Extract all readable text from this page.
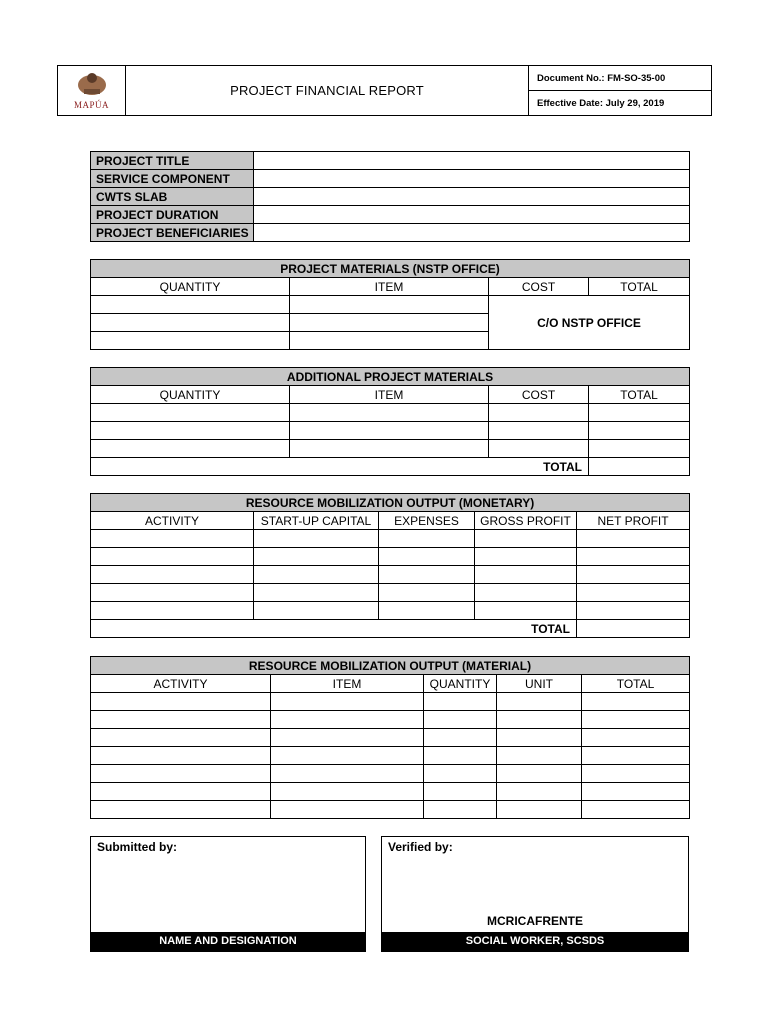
MAPÚA
	PROJECT FINANCIAL REPORT	Document No.: FM-SO-35-00
Effective Date: July 29, 2019
PROJECT TITLE	
SERVICE COMPONENT	
CWTS SLAB	
PROJECT DURATION	
PROJECT BENEFICIARIES	
PROJECT MATERIALS (NSTP OFFICE)			
QUANTITY	ITEM	COST	TOTAL
		C/O NSTP OFFICE	

ADDITIONAL PROJECT MATERIALS			
QUANTITY	ITEM	COST	TOTAL

TOTAL			
RESOURCE MOBILIZATION OUTPUT (MONETARY)				
ACTIVITY	START-UP CAPITAL	EXPENSES	GROSS PROFIT	NET PROFIT

TOTAL				
RESOURCE MOBILIZATION OUTPUT (MATERIAL)				
ACTIVITY	ITEM	QUANTITY	UNIT	TOTAL

Submitted by:
NAME AND DESIGNATION
Verified by:
MCRICAFRENTE
SOCIAL WORKER, SCSDS
